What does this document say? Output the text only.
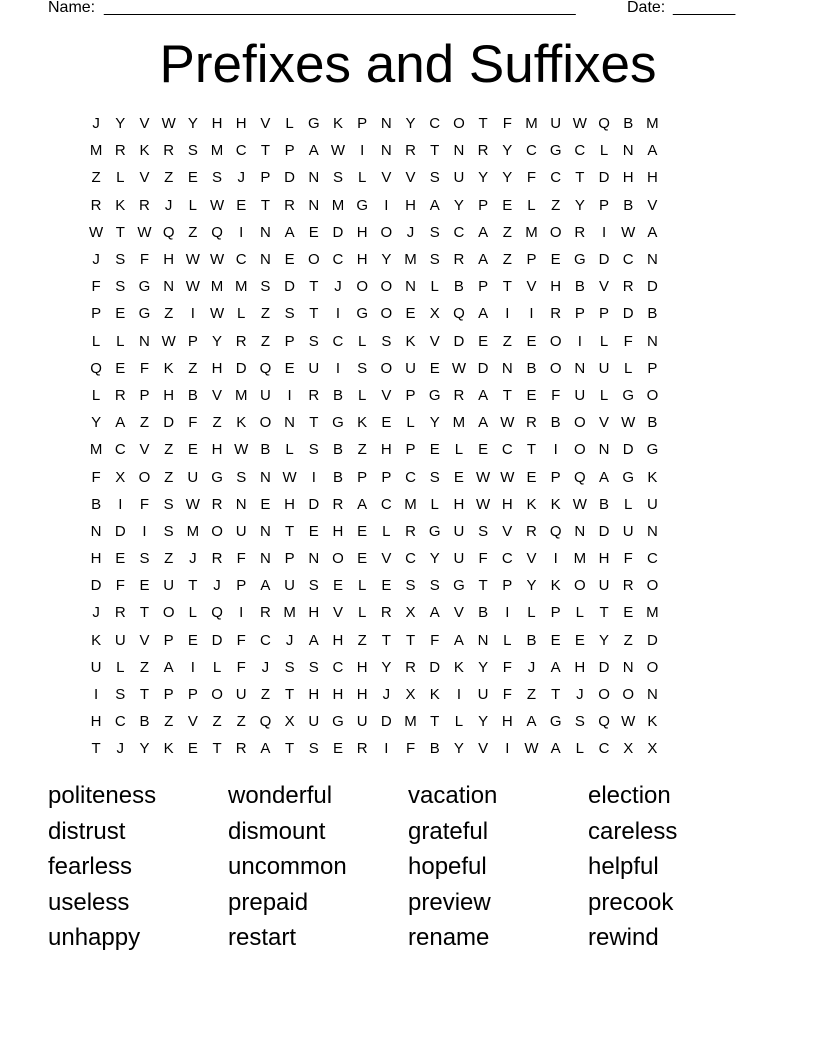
Name: _____________________________________________________	Date: _______
Prefixes and Suffixes
J	Y V W Y H H V	L G K P N Y C O T	F M U W Q B M
M R K R S M C T P A W	I	N R T N R Y C G C L N A
Z	L	V Z E S	J	P D N S	L	V V S U Y Y F C T D H H
R K R	J	L W E T R N M G	I	H A Y P E	L	Z Y P B V
W T W Q Z Q	I	N A E D H O J	S C A Z M O R	I	W A
J	S F H W W C N E O C H Y M S R A Z P E G D C N
F S G N W M M S D T	J O O N L	B P T V H B V R D
P E G Z	I	W L	Z S T	I	G O E X Q A	I	I	R P P D B
L	L N W P Y R Z P S C L	S K V D E Z E O	I	L	F N
Q E F K Z H D Q E U	I	S O U E W D N B O N U L	P
L R P H B V M U	I	R B	L	V P G R A T E F U L G O
Y A Z D F	Z K O N T G K E	L	Y M A W R B O V W B
M C V Z E H W B	L	S B Z H P E	L	E C T	I	O N D G
F X O Z U G S N W	I	B P P C S E W W E P Q A G K
B	I	F S W R N E H D R A C M L H W H K K W B	L U
N D	I	S M O U N T E H E	L R G U S V R Q N D U N
H E S Z	J	R F N P N O E V C Y U F C V	I	M H F C
D F E U T	J	P A U S E	L	E S S G T P Y K O U R O
J	R T O L Q	I	R M H V	L R X A V B	I	L	P	L	T E M
K U V P E D F C	J	A H Z	T	T	F A N L	B E E Y Z D
U L	Z A	I	L	F	J	S S C H Y R D K Y F	J	A H D N O
I	S T P P O U Z	T H H H	J	X K	I	U F	Z	T	J O O N
H C B Z V Z	Z Q X U G U D M T	L	Y H A G S Q W K
T	J	Y K E T R A T S E R	I	F B Y V	I	W A	L C X X
politeness	wonderful	vacation	election
distrust	dismount	grateful	careless
fearless	uncommon	hopeful	helpful
useless	prepaid	preview	precook
unhappy	restart	rename	rewind
